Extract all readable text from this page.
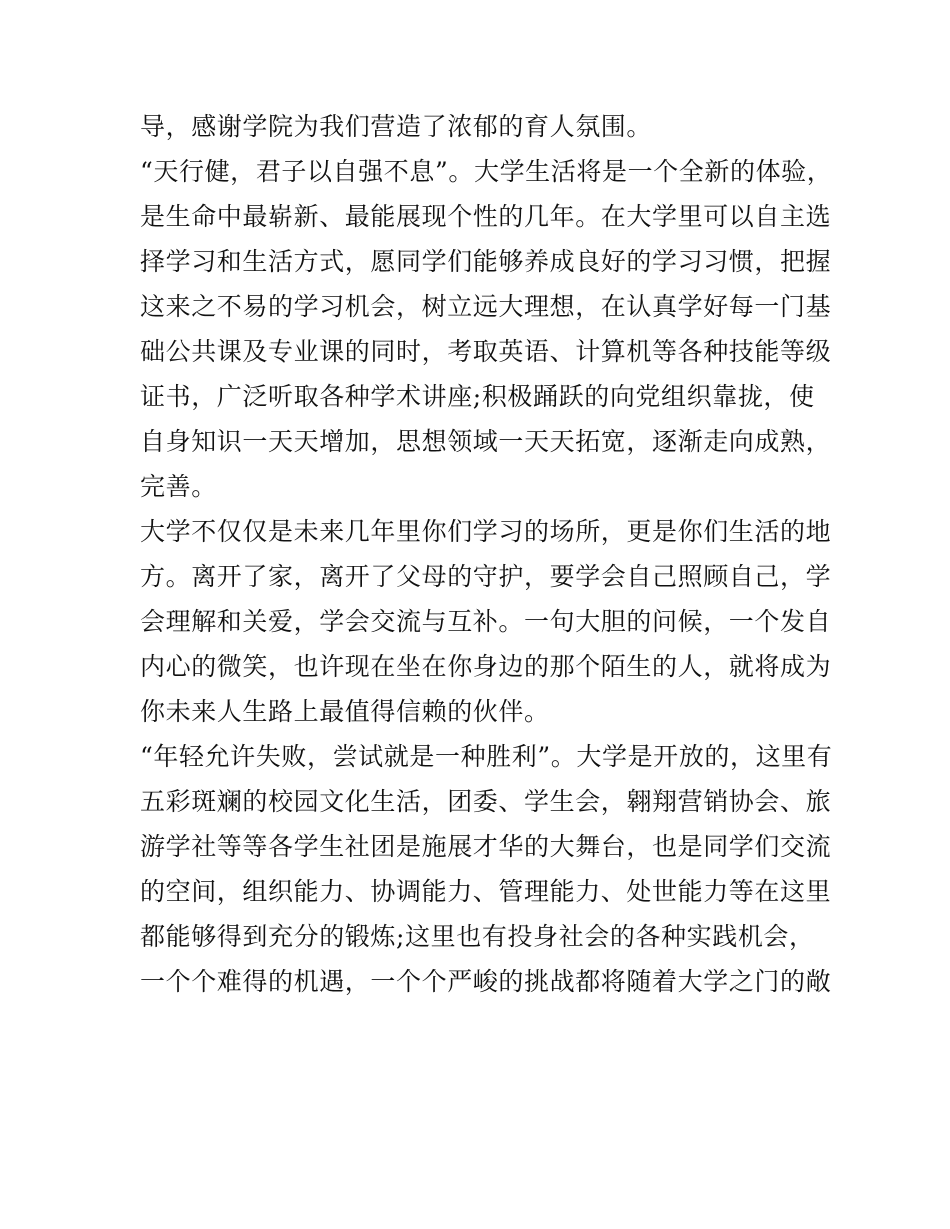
导，感谢学院为我们营造了浓郁的育人氛围。
“天行健，君子以自强不息”。大学生活将是一个全新的体验，
是生命中最崭新、最能展现个性的几年。在大学里可以自主选
择学习和生活方式，愿同学们能够养成良好的学习习惯，把握
这来之不易的学习机会，树立远大理想，在认真学好每一门基
础公共课及专业课的同时，考取英语、计算机等各种技能等级
证书，广泛听取各种学术讲座;积极踊跃的向党组织靠拢，使
自身知识一天天增加，思想领域一天天拓宽，逐渐走向成熟，
完善。
大学不仅仅是未来几年里你们学习的场所，更是你们生活的地
方。离开了家，离开了父母的守护，要学会自己照顾自己，学
会理解和关爱，学会交流与互补。一句大胆的问候，一个发自
内心的微笑，也许现在坐在你身边的那个陌生的人，就将成为
你未来人生路上最值得信赖的伙伴。
“年轻允许失败，尝试就是一种胜利”。大学是开放的，这里有
五彩斑斓的校园文化生活，团委、学生会，翱翔营销协会、旅
游学社等等各学生社团是施展才华的大舞台，也是同学们交流
的空间，组织能力、协调能力、管理能力、处世能力等在这里
都能够得到充分的锻炼;这里也有投身社会的各种实践机会，
一个个难得的机遇，一个个严峻的挑战都将随着大学之门的敞
